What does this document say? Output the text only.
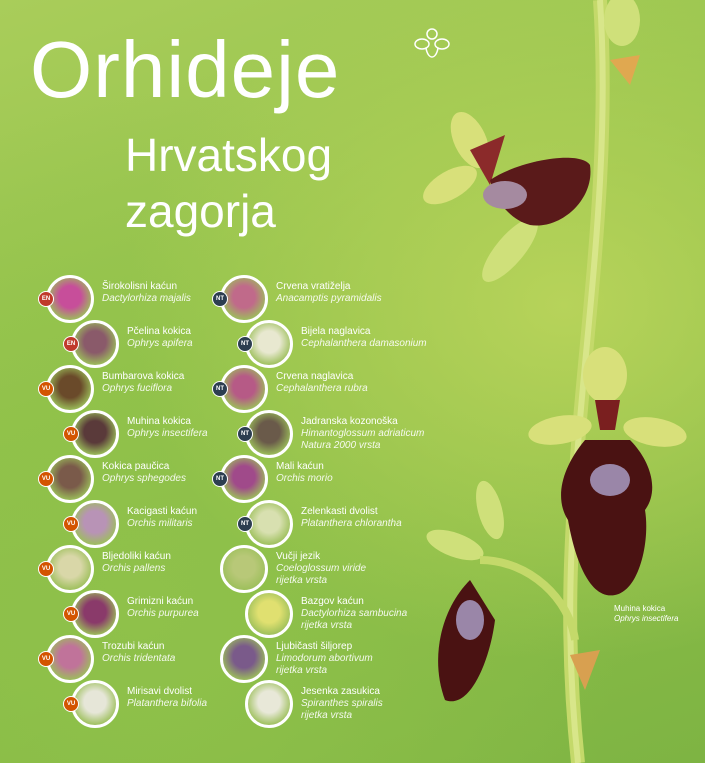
Orhideje
Hrvatskog
zagorja
EN
Širokolisni kaćun
Dactylorhiza majalis
EN
Pčelina kokica
Ophrys apifera
VU
Bumbarova kokica
Ophrys fuciflora
VU
Muhina kokica
Ophrys insectifera
VU
Kokica paučica
Ophrys sphegodes
VU
Kacigasti kaćun
Orchis militaris
VU
Bljedoliki kaćun
Orchis pallens
VU
Grimizni kaćun
Orchis purpurea
VU
Trozubi kaćun
Orchis tridentata
VU
Mirisavi dvolist
Platanthera bifolia
NT
Crvena vratiželja
Anacamptis pyramidalis
NT
Bijela naglavica
Cephalanthera damasonium
NT
Crvena naglavica
Cephalanthera rubra
NT
Jadranska kozonoška
Himantoglossum adriaticum
Natura 2000 vrsta
NT
Mali kaćun
Orchis morio
NT
Zelenkasti dvolist
Platanthera chlorantha
Vučji jezik
Coeloglossum viride
rijetka vrsta
Bazgov kaćun
Dactylorhiza sambucina
rijetka vrsta
Ljubičasti šiljorep
Limodorum abortivum
rijetka vrsta
Jesenka zasukica
Spiranthes spiralis
rijetka vrsta
Muhina kokica
Ophrys insectifera
